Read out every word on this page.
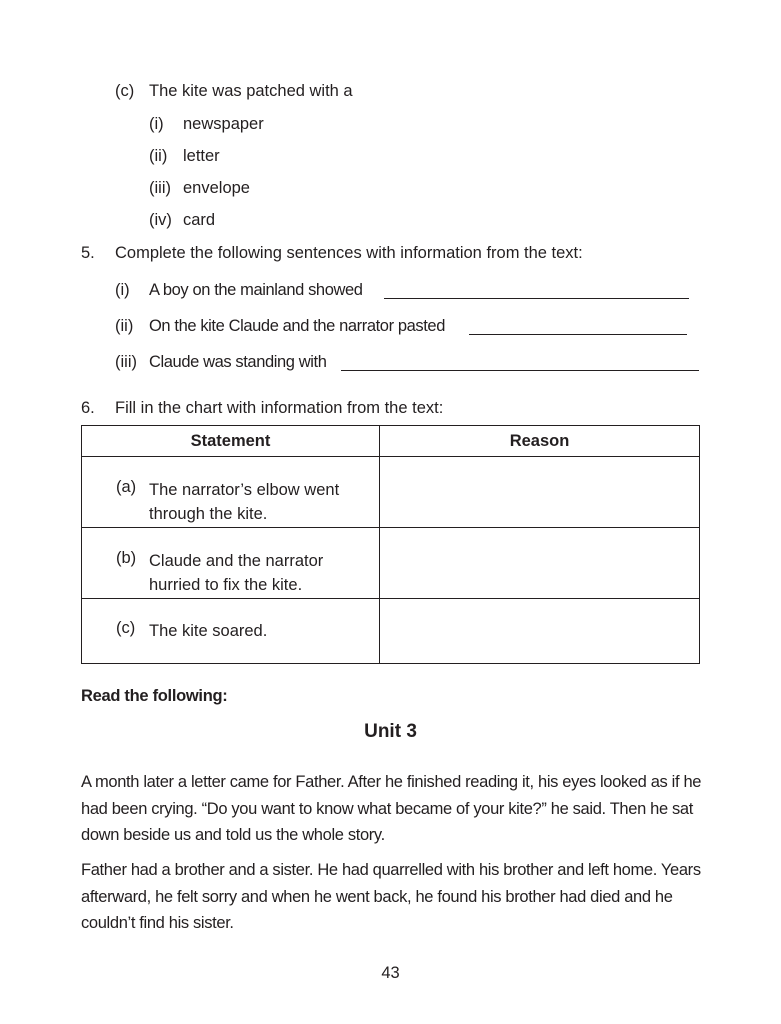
(c) The kite was patched with a
(i) newspaper
(ii) letter
(iii) envelope
(iv) card
5. Complete the following sentences with information from the text:
(i) A boy on the mainland showed
(ii) On the kite Claude and the narrator pasted
(iii) Claude was standing with
6. Fill in the chart with information from the text:
Statement	Reason

(a) The narrator’s elbow went
through the kite.	

(b) Claude and the narrator
hurried to fix the kite.	

(c) The kite soared.	

Read the following:
Unit 3
A month later a letter came for Father. After he finished reading it, his eyes looked as if he had been crying. “Do you want to know what became of your kite?” he said. Then he sat down beside us and told us the whole story.
Father had a brother and a sister. He had quarrelled with his brother and left home. Years afterward, he felt sorry and when he went back, he found his brother had died and he couldn’t find his sister.
43
